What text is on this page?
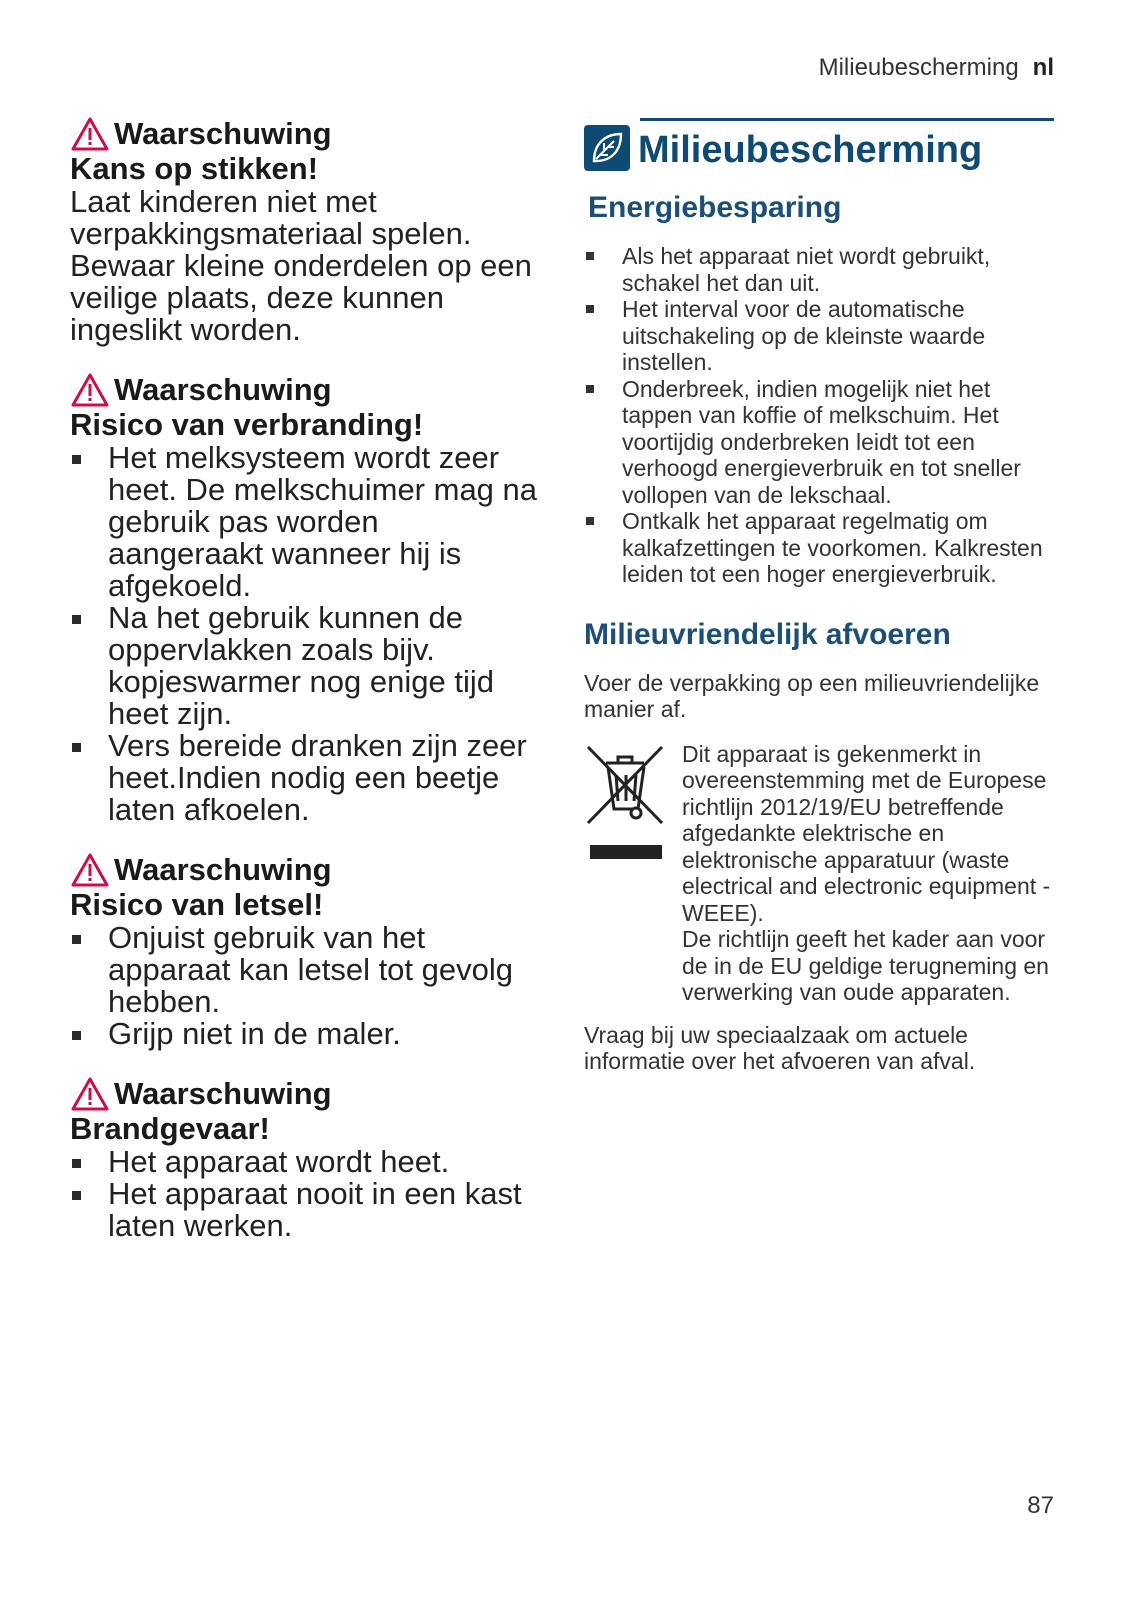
Milieubescherming nl
Waarschuwing
Kans op stikken!
Laat kinderen niet met verpakkingsmateriaal spelen. Bewaar kleine onderdelen op een veilige plaats, deze kunnen ingeslikt worden.
Waarschuwing
Risico van verbranding!
Het melksysteem wordt zeer heet. De melkschuimer mag na gebruik pas worden aangeraakt wanneer hij is afgekoeld.
Na het gebruik kunnen de oppervlakken zoals bijv. kopjeswarmer nog enige tijd heet zijn.
Vers bereide dranken zijn zeer heet.Indien nodig een beetje laten afkoelen.
Waarschuwing
Risico van letsel!
Onjuist gebruik van het apparaat kan letsel tot gevolg hebben.
Grijp niet in de maler.
Waarschuwing
Brandgevaar!
Het apparaat wordt heet.
Het apparaat nooit in een kast laten werken.
Milieubescherming
Energiebesparing
Als het apparaat niet wordt gebruikt, schakel het dan uit.
Het interval voor de automatische uitschakeling op de kleinste waarde instellen.
Onderbreek, indien mogelijk niet het tappen van koffie of melkschuim. Het voortijdig onderbreken leidt tot een verhoogd energieverbruik en tot sneller vollopen van de lekschaal.
Ontkalk het apparaat regelmatig om kalkafzettingen te voorkomen. Kalkresten leiden tot een hoger energieverbruik.
Milieuvriendelijk afvoeren
Voer de verpakking op een milieuvriendelijke manier af.
Dit apparaat is gekenmerkt in overeenstemming met de Europese richtlijn 2012/19/EU betreffende afgedankte elektrische en elektronische apparatuur (waste electrical and electronic equipment - WEEE).
De richtlijn geeft het kader aan voor de in de EU geldige terugneming en verwerking van oude apparaten.
Vraag bij uw speciaalzaak om actuele informatie over het afvoeren van afval.
87
